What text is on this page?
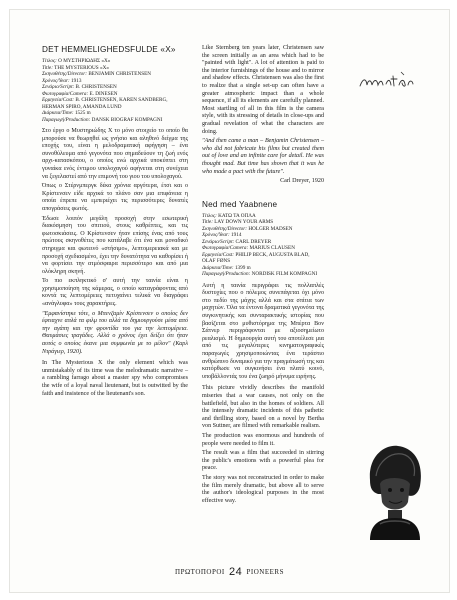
DET HEMMELIGHEDSFULDE «X»
Τίτλος: Ο ΜΥΣΤΗΡΙΩΔΗΣ «Χ»
Title: THE MYSTERIOUS «X»
Σκηνοθέτης/Director: BENJAMIN CHRISTENSEN
Χρόνος/Year: 1913
Σενάριο/Script: B. CHRISTENSEN
Φωτογραφία/Camera: E. DINESEN
Ερμηνεία/Cast: B. CHRISTENSEN, KAREN SANDBERG, HERMAN SPIRO, AMANDA LUND
Διάρκεια/Time: 1525 m
Παραγωγή/Production: DANSK BIOGRAF KOMPAGNI

Στο έργο ο Μυστηριώδης Χ το μόνο στοιχείο το οποίο θα μπορούσε να θεωρηθεί ως γνήσιο και αληθινό δείγμα της εποχής του, είναι η μελοδραματική αφήγηση – ένα συνοθύλευμα από γεγονότα που σημαδεύουν τη ζωή ενός αρχι-κατασκόπου, ο οποίος ενώ αρχικά υποκύπτει στη γυναίκα ενός έντιμου υπολοχαγού αφήνεται στη συνέχεια να ξεγελαστεί από την επιμονή του γιου του υπολοχαγού.

Όπως ο Στέρνμπεργκ δέκα χρόνια αργότερα, έτσι και ο Κρίστενσεν είδε αρχικά το πλάνο σαν μια επιφάνεια η οποία έπρεπε να εμπεριέχει τις περισσότερες δυνατές απογράσεις φωτός.

Έδωσε λοιπόν μεγάλη προσοχή στην εσωτερική διακόσμηση του σπιτιού, στους καθρέπτες, και τις φωτοσκιάσεις. Ο Κρίστενσεν ήταν επίσης ένας από τους πρώτους σκηνοθέτες που κατάλαβε ότι ένα και μοναδικό στηριγμα και φωτεινό «στήσιμο», λεπτομερειακά και με προσοχή σχεδιασμένο, έχει την δυνατότητα να καθορίσει ή να φορτίσει την ατμόσφαιρα περισσότερο και από μια ολόκληρη σκηνή.

Το πιο εκπληκτικό σ' αυτή την ταινία είναι η χρησιμοποίηση της κάμερας, ο οποίο καταγράφοντας από κοντά τις λεπτομέρειες πετυχαίνει τελικά να διαγράφει «ανάγλυφα» τους χαρακτήρες.

"Εμφανίστηκε τότε, ο Μπενζαμίν Κρίστενσεν ο οποίος δεν έφτιαχνε απλά τα φιλμ του αλλά τα δημιουργούσε μέσα από την αγάπη και την φροντίδα του για την λεπτομέρεια. Θαυμάσιες τραγάδες. Αλλά ο χρόνος έχει δείξει ότι ήταν αυτός ο οποίος έκανε μια συμφωνία με το μέλον" (Καρλ Ντράγιερ, 1920).

In The Mysterious X the only element which was unmistakably of its time was the melodramatic narrative – a rambling farrago about a master spy who compromises the wife of a loyal naval lieutenant, but is outwitted by the faith and insistence of the lieutenant's son.

Like Sternberg ten years later, Christensen saw the screen initially as an area which had to be "painted with light". A lot of attention is paid to the interior furnishings of the house and to mirror and shadow effects. Christensen was also the first to realize that a single set-up can often have a greater atmospheric impact than a whole sequence, if all its elements are carefully planned. Most startling of all in this film is the camera style, with its stressing of details in close-ups and gradual revelation of what the characters are doing.

"And then came a man – Benjamin Christensen – who did not fabricate his films but created them out of love and an infinite care for detail. He was thought mad. But time has shown that it was he who made a pact with the future".

Carl Dreyer, 1920
Ned med Yaabnene
Τίτλος: ΚΑΤΩ ΤΑ ΟΠΛΑ
Title: LAY DOWN YOUR ARMS
Σκηνοθέτης/Director: HOLGER MADSEN
Χρόνος/Year: 1914
Σενάριο/Script: CARL DREYER
Φωτογραφία/Camera: MARIUS CLAUSEN
Ερμηνεία/Cast: PHILIP BECK, AUGUSTA BLAD, OLAF FØNS
Διάρκεια/Time: 1399 m
Παραγωγή/Production: NORDISK FILM KOMPAGNI

Αυτή η ταινία περιγράφει τις πολλαπλές δυστυχίες που ο πόλεμος συνεπάγεται όχι μόνο στο πεδίο της μάχης αλλά και στα σπίτια των μαχητών. Όλα τα έντονα δραματικά γεγονότα της συγκινητικής και συνταρακτικής ιστορίας που βασίζεται στο μυθιστόρημα της Μπέρτα Βον Σάτνερ περιγράφονται με αξιοσημείωτο ρεαλισμό. Η δημιουργία αυτή του αποτέλεσε μια από τις μεγαλύτερες κινηματογραφικές παραγωγές χρησιμοποιώντας ένα τεράστιο ανθρώπινο δυναμικό για την πραγμάτωσή της και κατόρθωσε να συγκινήσει ένα πλατύ κοινό, υποβάλλοντάς του ένα ζωηρό μήνυμα ειρήνης.

This picture vividly describes the manifold miseries that a war causes, not only on the battlefield, but also in the homes of soldiers. All the intensely dramatic incidents of this pathetic and thrilling story, based on a novel by Bertha von Suttner, are filmed with remarkable realism.

The production was enormous and hundreds of people were needed to film it.

The result was a film that succeeded in stirring the public's emotions with a powerful plea for peace.

The story was not reconstructed in order to make the film merely dramatic, but above all to serve the author's ideological purposes in the most effective way.

ΠΡΩΤΟΠΟΡΟΙ 24 PIONEERS
